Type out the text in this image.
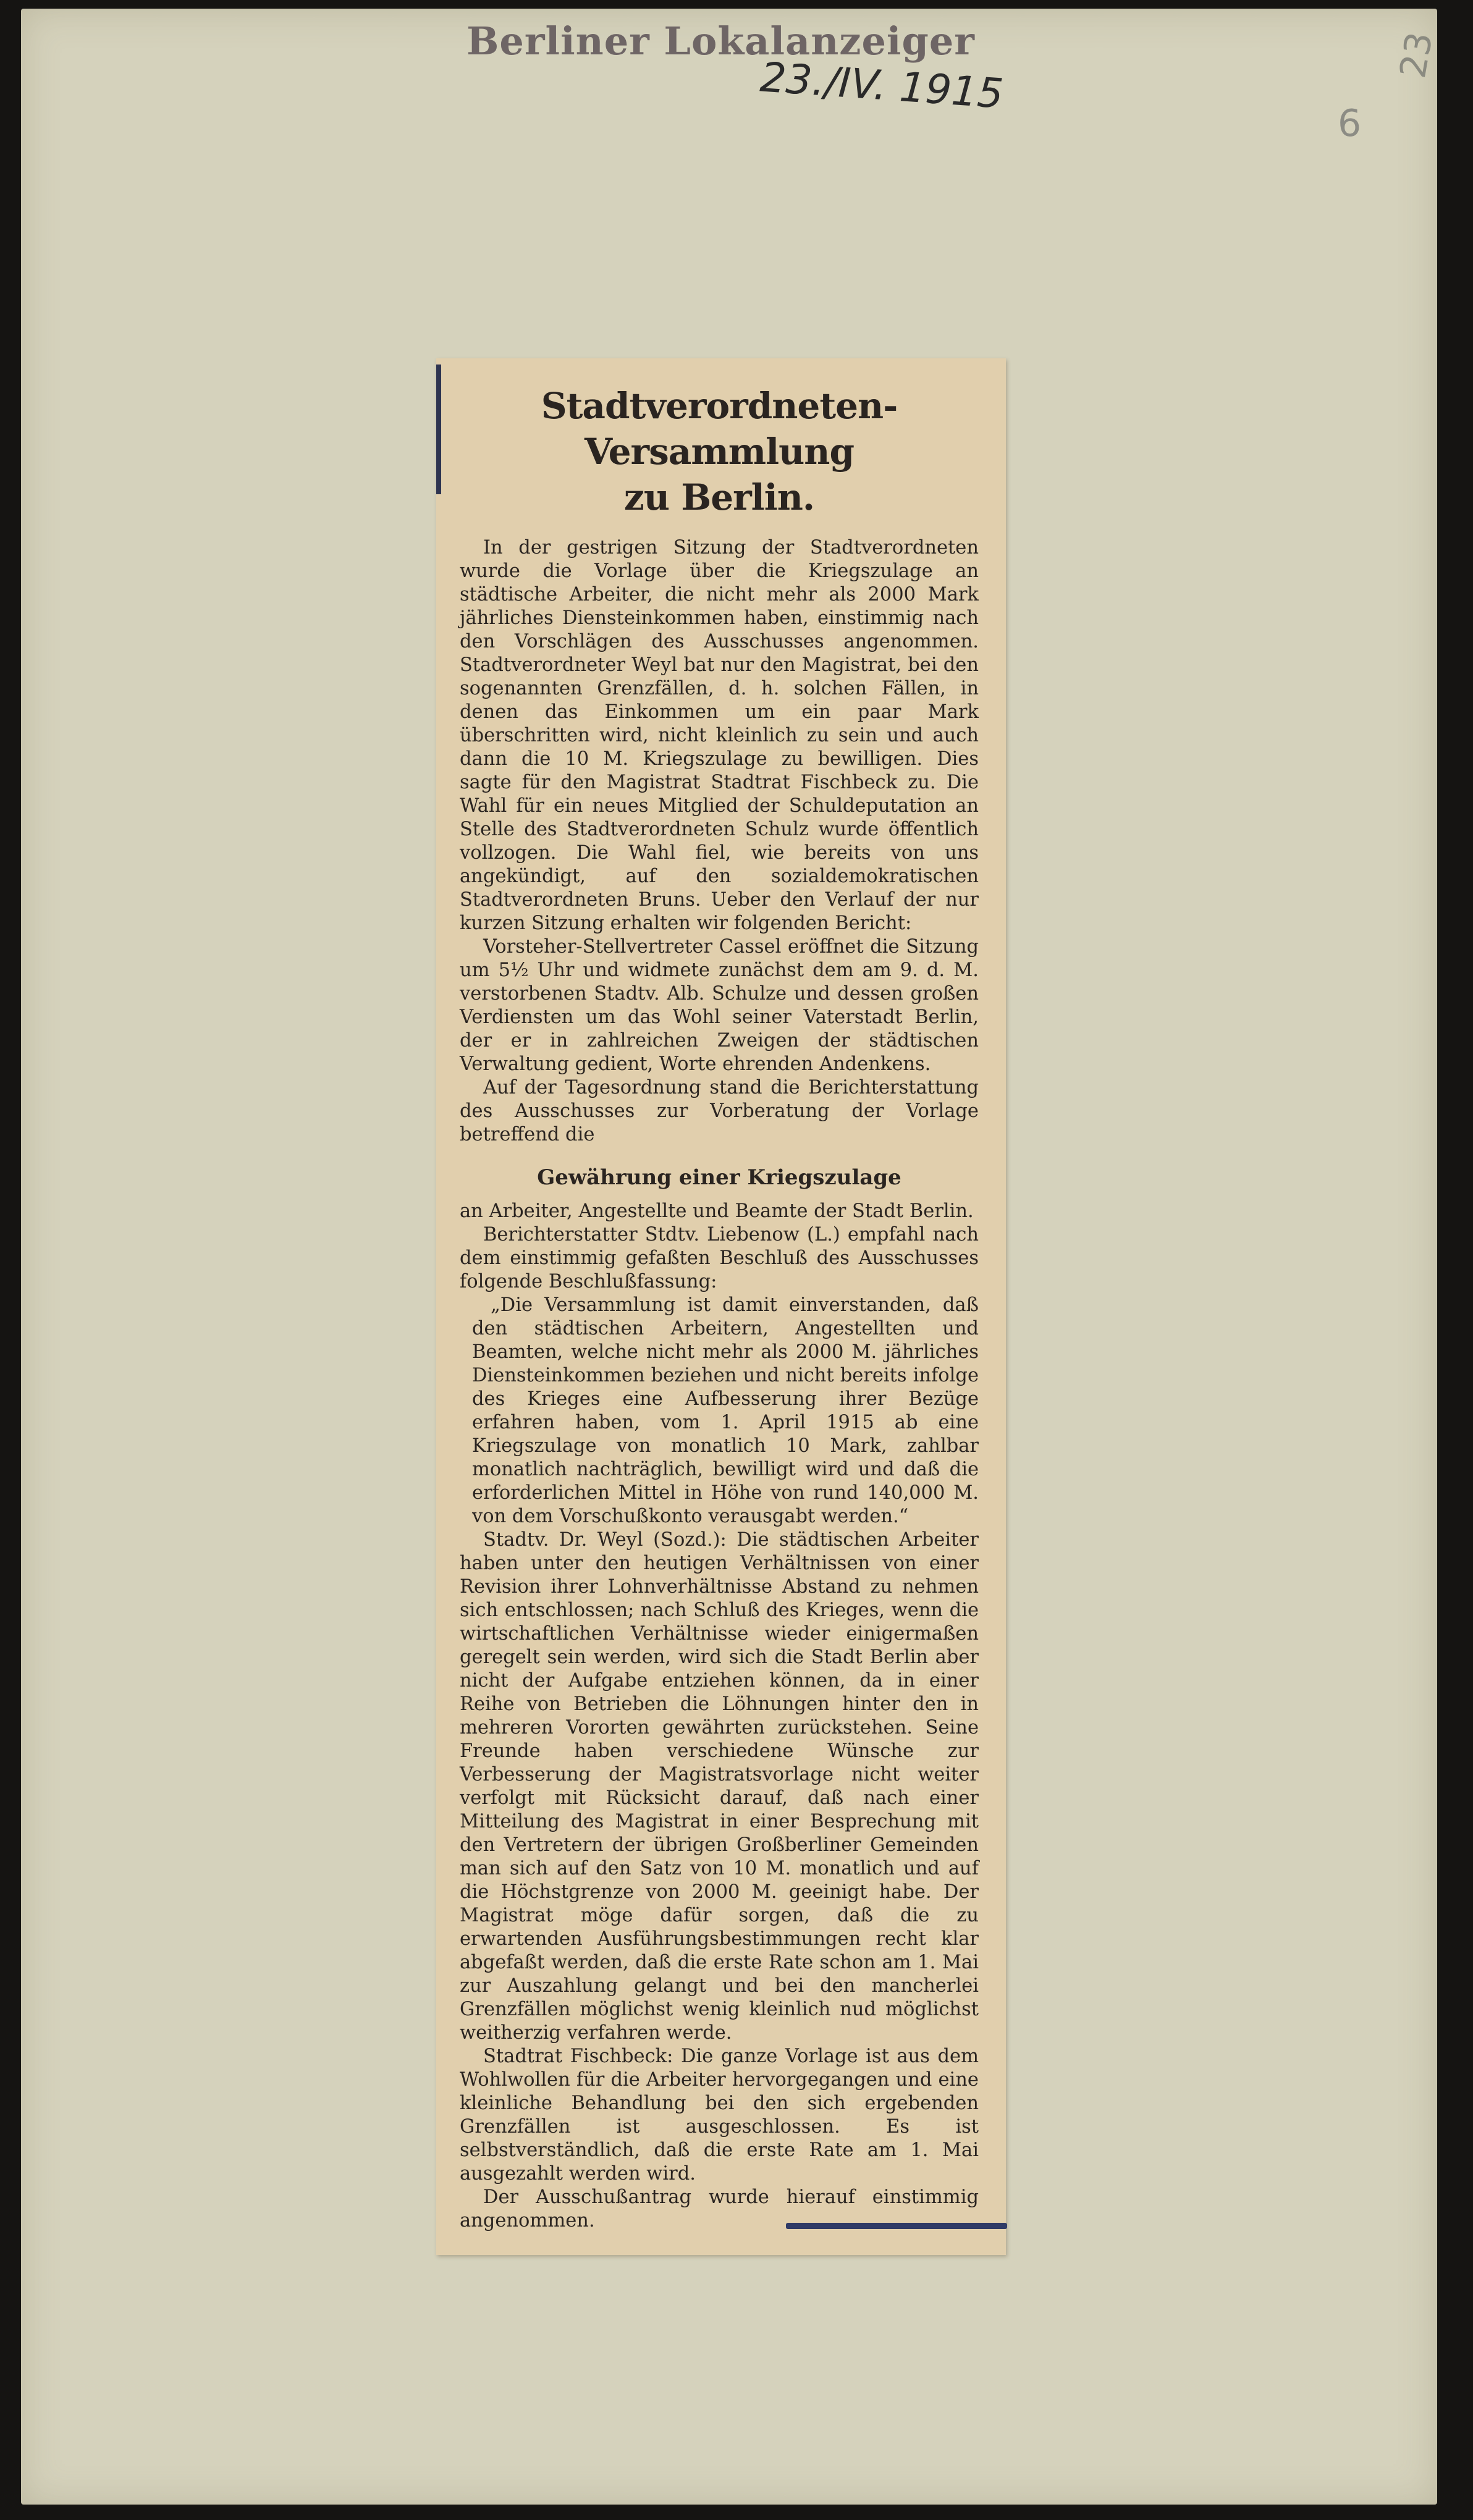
Berliner Lokalanzeiger
23./IV. 1915	23
6
Stadtverordneten-Versammlung
zu Berlin.

In der gestrigen Sitzung der Stadtverordneten wurde die Vorlage über die Kriegszulage an städtische Arbeiter, die nicht mehr als 2000 Mark jährliches Diensteinkommen haben, einstimmig nach den Vorschlägen des Ausschusses angenommen. Stadtverordneter Weyl bat nur den Magistrat, bei den sogenannten Grenzfällen, d. h. solchen Fällen, in denen das Einkommen um ein paar Mark überschritten wird, nicht kleinlich zu sein und auch dann die 10 M. Kriegszulage zu bewilligen. Dies sagte für den Magistrat Stadtrat Fischbeck zu. Die Wahl für ein neues Mitglied der Schuldeputation an Stelle des Stadtverordneten Schulz wurde öffentlich vollzogen. Die Wahl fiel, wie bereits von uns angekündigt, auf den sozialdemokratischen Stadtverordneten Bruns. Ueber den Verlauf der nur kurzen Sitzung erhalten wir folgenden Bericht:

Vorsteher-Stellvertreter Cassel eröffnet die Sitzung um 5½ Uhr und widmete zunächst dem am 9. d. M. verstorbenen Stadtv. Alb. Schulze und dessen großen Verdiensten um das Wohl seiner Vaterstadt Berlin, der er in zahlreichen Zweigen der städtischen Verwaltung gedient, Worte ehrenden Andenkens.

Auf der Tagesordnung stand die Berichterstattung des Ausschusses zur Vorberatung der Vorlage betreffend die

Gewährung einer Kriegszulage

an Arbeiter, Angestellte und Beamte der Stadt Berlin.

Berichterstatter Stdtv. Liebenow (L.) empfahl nach dem einstimmig gefaßten Beschluß des Ausschusses folgende Beschlußfassung:

„Die Versammlung ist damit einverstanden, daß den städtischen Arbeitern, Angestellten und Beamten, welche nicht mehr als 2000 M. jährliches Diensteinkommen beziehen und nicht bereits infolge des Krieges eine Aufbesserung ihrer Bezüge erfahren haben, vom 1. April 1915 ab eine Kriegszulage von monatlich 10 Mark, zahlbar monatlich nachträglich, bewilligt wird und daß die erforderlichen Mittel in Höhe von rund 140,000 M. von dem Vorschußkonto verausgabt werden.“

Stadtv. Dr. Weyl (Sozd.): Die städtischen Arbeiter haben unter den heutigen Verhältnissen von einer Revision ihrer Lohnverhältnisse Abstand zu nehmen sich entschlossen; nach Schluß des Krieges, wenn die wirtschaftlichen Verhältnisse wieder einigermaßen geregelt sein werden, wird sich die Stadt Berlin aber nicht der Aufgabe entziehen können, da in einer Reihe von Betrieben die Löhnungen hinter den in mehreren Vororten gewährten zurückstehen. Seine Freunde haben verschiedene Wünsche zur Verbesserung der Magistratsvorlage nicht weiter verfolgt mit Rücksicht darauf, daß nach einer Mitteilung des Magistrat in einer Besprechung mit den Vertretern der übrigen Großberliner Gemeinden man sich auf den Satz von 10 M. monatlich und auf die Höchstgrenze von 2000 M. geeinigt habe. Der Magistrat möge dafür sorgen, daß die zu erwartenden Ausführungsbestimmungen recht klar abgefaßt werden, daß die erste Rate schon am 1. Mai zur Auszahlung gelangt und bei den mancherlei Grenzfällen möglichst wenig kleinlich nud möglichst weitherzig verfahren werde.

Stadtrat Fischbeck: Die ganze Vorlage ist aus dem Wohlwollen für die Arbeiter hervorgegangen und eine kleinliche Behandlung bei den sich ergebenden Grenzfällen ist ausgeschlossen. Es ist selbstverständlich, daß die erste Rate am 1. Mai ausgezahlt werden wird.

Der Ausschußantrag wurde hierauf einstimmig angenommen.
